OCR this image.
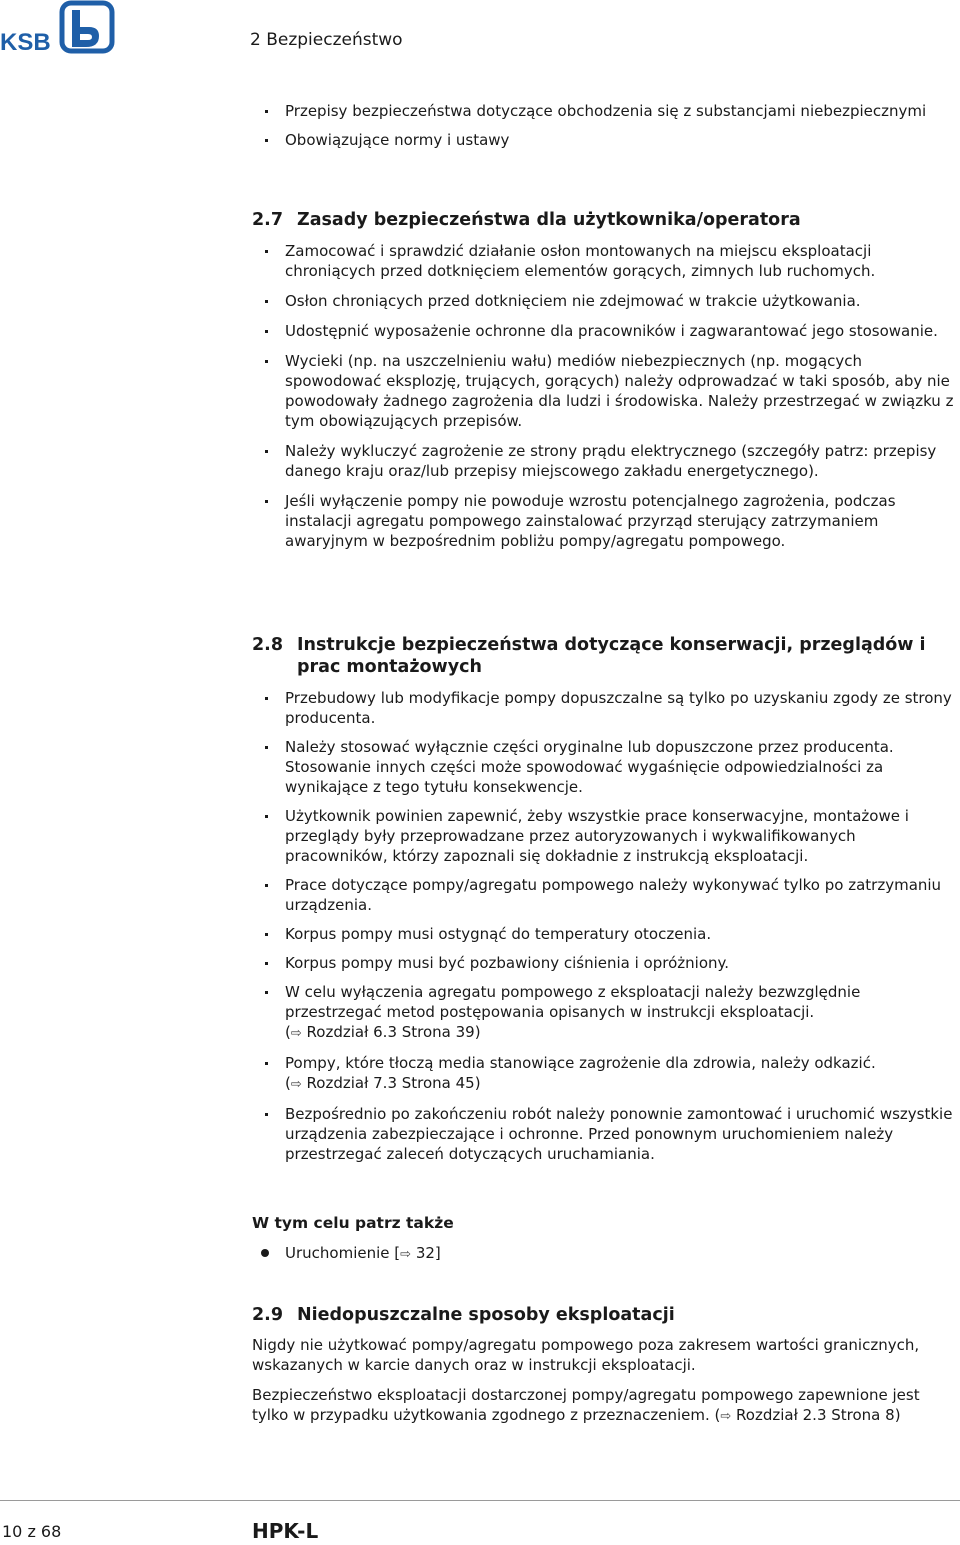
KSB	2 Bezpieczeństwo
Przepisy bezpieczeństwa dotyczące obchodzenia się z substancjami niebezpiecznymi
Obowiązujące normy i ustawy
2.7 Zasady bezpieczeństwa dla użytkownika/operatora
Zamocować i sprawdzić działanie osłon montowanych na miejscu eksploatacji chroniących przed dotknięciem elementów gorących, zimnych lub ruchomych.
Osłon chroniących przed dotknięciem nie zdejmować w trakcie użytkowania.
Udostępnić wyposażenie ochronne dla pracowników i zagwarantować jego stosowanie.
Wycieki (np. na uszczelnieniu wału) mediów niebezpiecznych (np. mogących spowodować eksplozję, trujących, gorących) należy odprowadzać w taki sposób, aby nie powodowały żadnego zagrożenia dla ludzi i środowiska. Należy przestrzegać w związku z tym obowiązujących przepisów.
Należy wykluczyć zagrożenie ze strony prądu elektrycznego (szczegóły patrz: przepisy danego kraju oraz/lub przepisy miejscowego zakładu energetycznego).
Jeśli wyłączenie pompy nie powoduje wzrostu potencjalnego zagrożenia, podczas instalacji agregatu pompowego zainstalować przyrząd sterujący zatrzymaniem awaryjnym w bezpośrednim pobliżu pompy/agregatu pompowego.
2.8 Instrukcje bezpieczeństwa dotyczące konserwacji, przeglądów i prac montażowych
Przebudowy lub modyfikacje pompy dopuszczalne są tylko po uzyskaniu zgody ze strony producenta.
Należy stosować wyłącznie części oryginalne lub dopuszczone przez producenta. Stosowanie innych części może spowodować wygaśnięcie odpowiedzialności za wynikające z tego tytułu konsekwencje.
Użytkownik powinien zapewnić, żeby wszystkie prace konserwacyjne, montażowe i przeglądy były przeprowadzane przez autoryzowanych i wykwalifikowanych pracowników, którzy zapoznali się dokładnie z instrukcją eksploatacji.
Prace dotyczące pompy/agregatu pompowego należy wykonywać tylko po zatrzymaniu urządzenia.
Korpus pompy musi ostygnąć do temperatury otoczenia.
Korpus pompy musi być pozbawiony ciśnienia i opróżniony.
W celu wyłączenia agregatu pompowego z eksploatacji należy bezwzględnie przestrzegać metod postępowania opisanych w instrukcji eksploatacji.
(⇨ Rozdział 6.3 Strona 39)
Pompy, które tłoczą media stanowiące zagrożenie dla zdrowia, należy odkazić.
(⇨ Rozdział 7.3 Strona 45)
Bezpośrednio po zakończeniu robót należy ponownie zamontować i uruchomić wszystkie urządzenia zabezpieczające i ochronne. Przed ponownym uruchomieniem należy przestrzegać zaleceń dotyczących uruchamiania.
W tym celu patrz także
Uruchomienie [⇨ 32]
2.9 Niedopuszczalne sposoby eksploatacji

Nigdy nie użytkować pompy/agregatu pompowego poza zakresem wartości granicznych, wskazanych w karcie danych oraz w instrukcji eksploatacji.

Bezpieczeństwo eksploatacji dostarczonej pompy/agregatu pompowego zapewnione jest tylko w przypadku użytkowania zgodnego z przeznaczeniem. (⇨ Rozdział 2.3 Strona 8)

10 z 68	HPK-L
